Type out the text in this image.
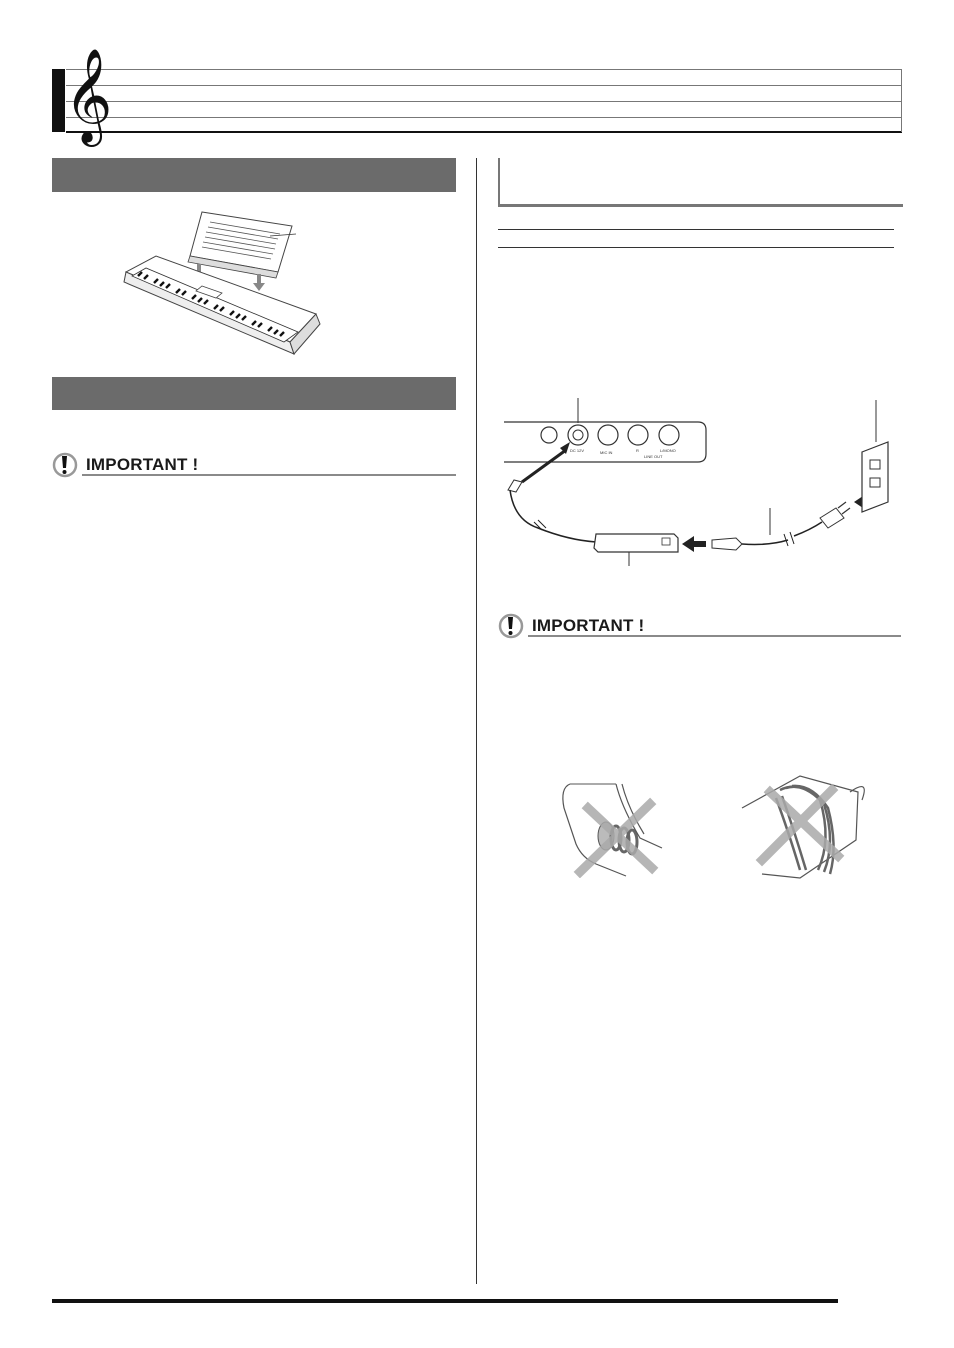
𝄞
IMPORTANT !
DC 12V	MIC IN	R	L/MONO
LINE OUT
IMPORTANT !
